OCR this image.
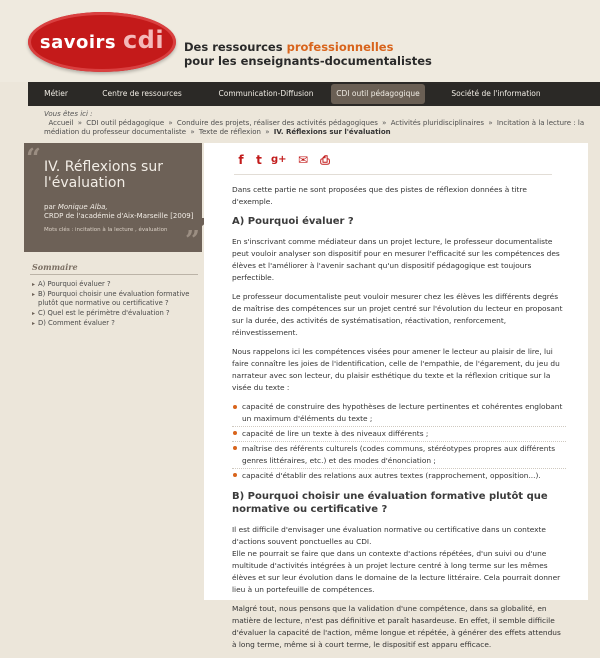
savoirs cdi	Des ressources professionnelles
pour les enseignants-documentalistes
Métier	Centre de ressources	Communication-Diffusion	CDI outil pédagogique	Société de l'information
Vous êtes ici :
Accueil » CDI outil pédagogique » Conduire des projets, réaliser des activités pédagogiques » Activités pluridisciplinaires » Incitation à la lecture : la médiation du professeur documentaliste » Texte de réflexion » IV. Réflexions sur l'évaluation
“ IV. Réflexions sur l'évaluation
par Monique Alba,
CRDP de l'académie d'Aix-Marseille [2009]
Mots clés : incitation à la lecture , évaluation ”
Sommaire
▸ A) Pourquoi évaluer ?
▸ B) Pourquoi choisir une évaluation formative plutôt que normative ou certificative ?
▸ C) Quel est le périmètre d'évaluation ?
▸ D) Comment évaluer ?
f	t g+ ✉ ⎙

Dans cette partie ne sont proposées que des pistes de réflexion données à titre d'exemple.

A) Pourquoi évaluer ?

En s'inscrivant comme médiateur dans un projet lecture, le professeur documentaliste peut vouloir analyser son dispositif pour en mesurer l'efficacité sur les compétences des élèves et l'améliorer à l'avenir sachant qu'un dispositif pédagogique est toujours perfectible.

Le professeur documentaliste peut vouloir mesurer chez les élèves les différents degrés de maîtrise des compétences sur un projet centré sur l'évolution du lecteur en proposant sur la durée, des activités de systématisation, réactivation, renforcement, réinvestissement.

Nous rappelons ici les compétences visées pour amener le lecteur au plaisir de lire, lui faire connaître les joies de l'identification, celle de l'empathie, de l'égarement, du jeu du narrateur avec son lecteur, du plaisir esthétique du texte et la réflexion critique sur la visée du texte :

capacité de construire des hypothèses de lecture pertinentes et cohérentes englobant un maximum d'éléments du texte ;
capacité de lire un texte à des niveaux différents ;
maîtrise des référents culturels (codes communs, stéréotypes propres aux différents genres littéraires, etc.) et des modes d'énonciation ;
capacité d'établir des relations aux autres textes (rapprochement, opposition...).
B) Pourquoi choisir une évaluation formative plutôt que normative ou certificative ?

Il est difficile d'envisager une évaluation normative ou certificative dans un contexte d'actions souvent ponctuelles au CDI.

Elle ne pourrait se faire que dans un contexte d'actions répétées, d'un suivi ou d'une multitude d'activités intégrées à un projet lecture centré à long terme sur les mêmes élèves et sur leur évolution dans le domaine de la lecture littéraire. Cela pourrait donner lieu à un portefeuille de compétences.

Malgré tout, nous pensons que la validation d'une compétence, dans sa globalité, en matière de lecture, n'est pas définitive et paraît hasardeuse. En effet, il semble difficile d'évaluer la capacité de l'action, même longue et répétée, à générer des effets attendus à long terme, même si à court terme, le dispositif est apparu efficace.
